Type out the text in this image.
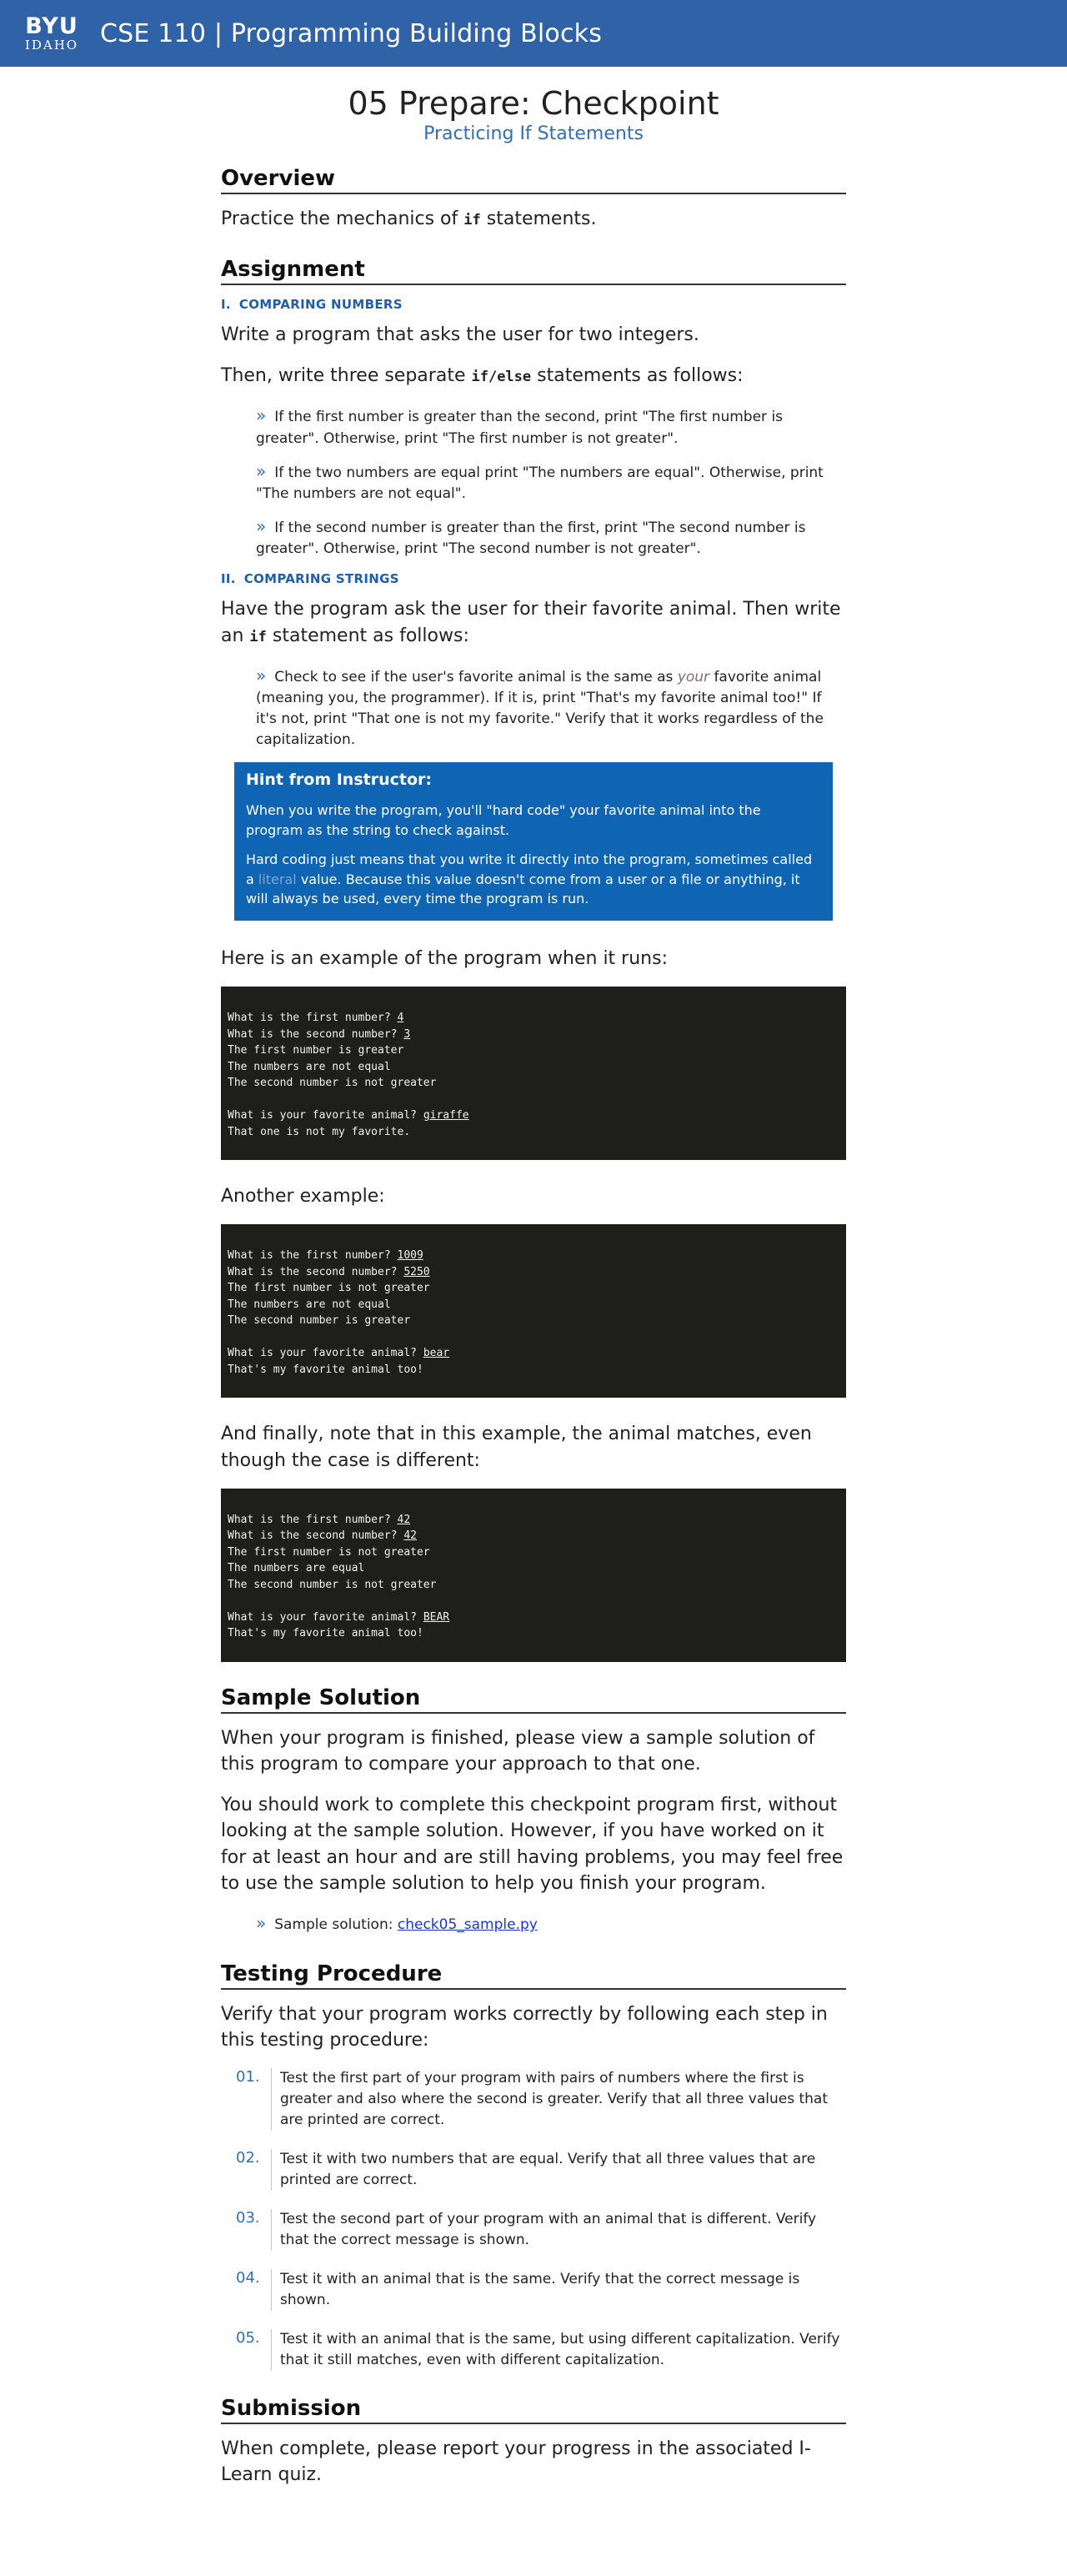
BYU
IDAHO CSE 110 | Programming Building Blocks
05 Prepare: Checkpoint
Practicing If Statements
Overview

Practice the mechanics of if statements.

Assignment
I. COMPARING NUMBERS

Write a program that asks the user for two integers.

Then, write three separate if/else statements as follows:

» If the first number is greater than the second, print "The first number is greater". Otherwise, print "The first number is not greater".
» If the two numbers are equal print "The numbers are equal". Otherwise, print "The numbers are not equal".
» If the second number is greater than the first, print "The second number is greater". Otherwise, print "The second number is not greater".
II. COMPARING STRINGS

Have the program ask the user for their favorite animal. Then write an if statement as follows:

» Check to see if the user's favorite animal is the same as your favorite animal (meaning you, the programmer). If it is, print "That's my favorite animal too!" If it's not, print "That one is not my favorite." Verify that it works regardless of the capitalization.
Hint from Instructor:

When you write the program, you'll "hard code" your favorite animal into the program as the string to check against.

Hard coding just means that you write it directly into the program, sometimes called a literal value. Because this value doesn't come from a user or a file or anything, it will always be used, every time the program is run.

Here is an example of the program when it runs:

What is the first number? 4
What is the second number? 3
The first number is greater
The numbers are not equal
The second number is not greater
What is your favorite animal? giraffe
That one is not my favorite.

Another example:

What is the first number? 1009
What is the second number? 5250
The first number is not greater
The numbers are not equal
The second number is greater
What is your favorite animal? bear
That's my favorite animal too!

And finally, note that in this example, the animal matches, even though the case is different:

What is the first number? 42
What is the second number? 42
The first number is not greater
The numbers are equal
The second number is not greater
What is your favorite animal? BEAR
That's my favorite animal too!
Sample Solution

When your program is finished, please view a sample solution of this program to compare your approach to that one.

You should work to complete this checkpoint program first, without looking at the sample solution. However, if you have worked on it for at least an hour and are still having problems, you may feel free to use the sample solution to help you finish your program.

» Sample solution: check05_sample.py
Testing Procedure

Verify that your program works correctly by following each step in this testing procedure:

01.	Test the first part of your program with pairs of numbers where the first is greater and also where the second is greater. Verify that all three values that are printed are correct.
02.	Test it with two numbers that are equal. Verify that all three values that are printed are correct.
03.	Test the second part of your program with an animal that is different. Verify that the correct message is shown.
04.	Test it with an animal that is the same. Verify that the correct message is shown.
05.	Test it with an animal that is the same, but using different capitalization. Verify that it still matches, even with different capitalization.
Submission

When complete, please report your progress in the associated I-Learn quiz.
